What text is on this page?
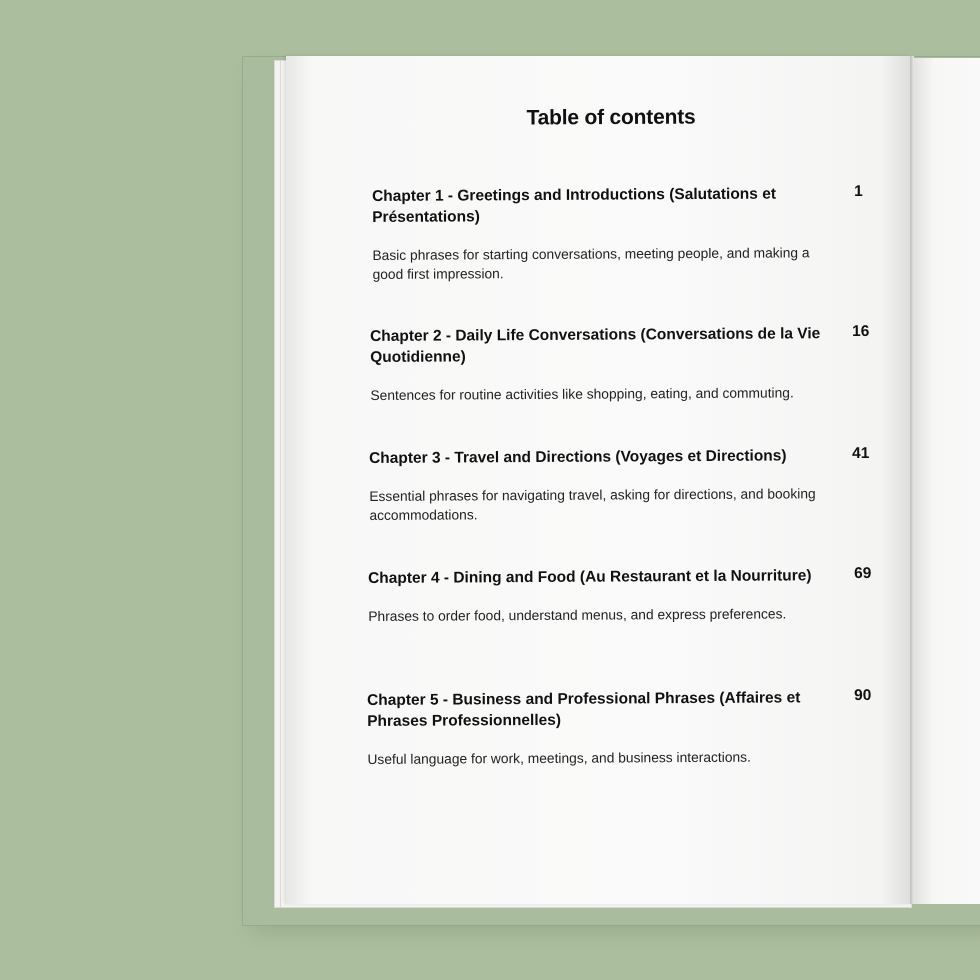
Table of contents
Chapter 1 - Greetings and Introductions (Salutations et Présentations)
1
Basic phrases for starting conversations, meeting people, and making a good first impression.
Chapter 2 - Daily Life Conversations (Conversations de la Vie Quotidienne)
16
Sentences for routine activities like shopping, eating, and commuting.
Chapter 3 - Travel and Directions (Voyages et Directions)	41
Essential phrases for navigating travel, asking for directions, and booking accommodations.
Chapter 4 - Dining and Food (Au Restaurant et la Nourriture)	69
Phrases to order food, understand menus, and express preferences.
Chapter 5 - Business and Professional Phrases (Affaires et Phrases Professionnelles)
90
Useful language for work, meetings, and business interactions.
